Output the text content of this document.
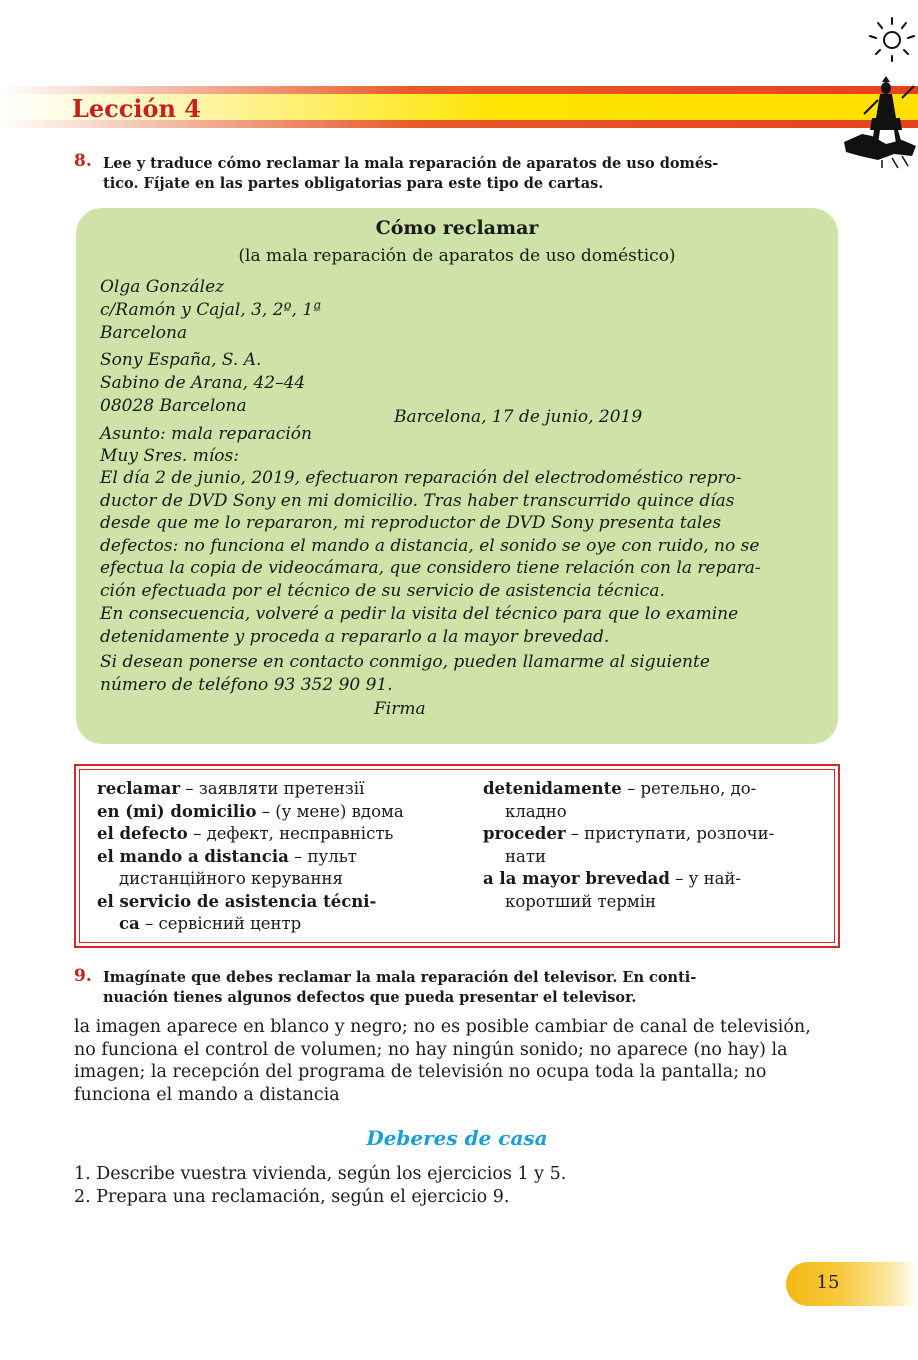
Lección 4
8. Lee y traduce cómo reclamar la mala reparación de aparatos de uso domés-
tico. Fíjate en las partes obligatorias para este tipo de cartas.
Cómo reclamar
(la mala reparación de aparatos de uso doméstico)
Olga González
c/Ramón y Cajal, 3, 2º, 1ª
Barcelona
Sony España, S. A.
Sabino de Arana, 42–44
08028 Barcelona
Barcelona, 17 de junio, 2019
Asunto: mala reparación
Muy Sres. míos:
El día 2 de junio, 2019, efectuaron reparación del electrodoméstico repro-
ductor de DVD Sony en mi domicilio. Tras haber transcurrido quince días
desde que me lo repararon, mi reproductor de DVD Sony presenta tales
defectos: no funciona el mando a distancia, el sonido se oye con ruido, no se
efectua la copia de videocámara, que considero tiene relación con la repara-
ción efectuada por el técnico de su servicio de asistencia técnica.
En consecuencia, volveré a pedir la visita del técnico para que lo examine
detenidamente y proceda a repararlo a la mayor brevedad.
Si desean ponerse en contacto conmigo, pueden llamarme al siguiente
número de teléfono 93 352 90 91.
Firma
reclamar – заявляти претензії
en (mi) domicilio – (у мене) вдома
el defecto – дефект, несправність
el mando a distancia – пульт
дистанційного керування
el servicio de asistencia técni-
ca – сервісний центр
detenidamente – ретельно, до-
кладно
proceder – приступати, розпочи-
нати
a la mayor brevedad – у най-
коротший термін
9. Imagínate que debes reclamar la mala reparación del televisor. En conti-
nuación tienes algunos defectos que pueda presentar el televisor.
la imagen aparece en blanco y negro; no es posible cambiar de canal de televisión,
no funciona el control de volumen; no hay ningún sonido; no aparece (no hay) la
imagen; la recepción del programa de televisión no ocupa toda la pantalla; no
funciona el mando a distancia
Deberes de casa
1. Describe vuestra vivienda, según los ejercicios 1 y 5.
2. Prepara una reclamación, según el ejercicio 9.
15
